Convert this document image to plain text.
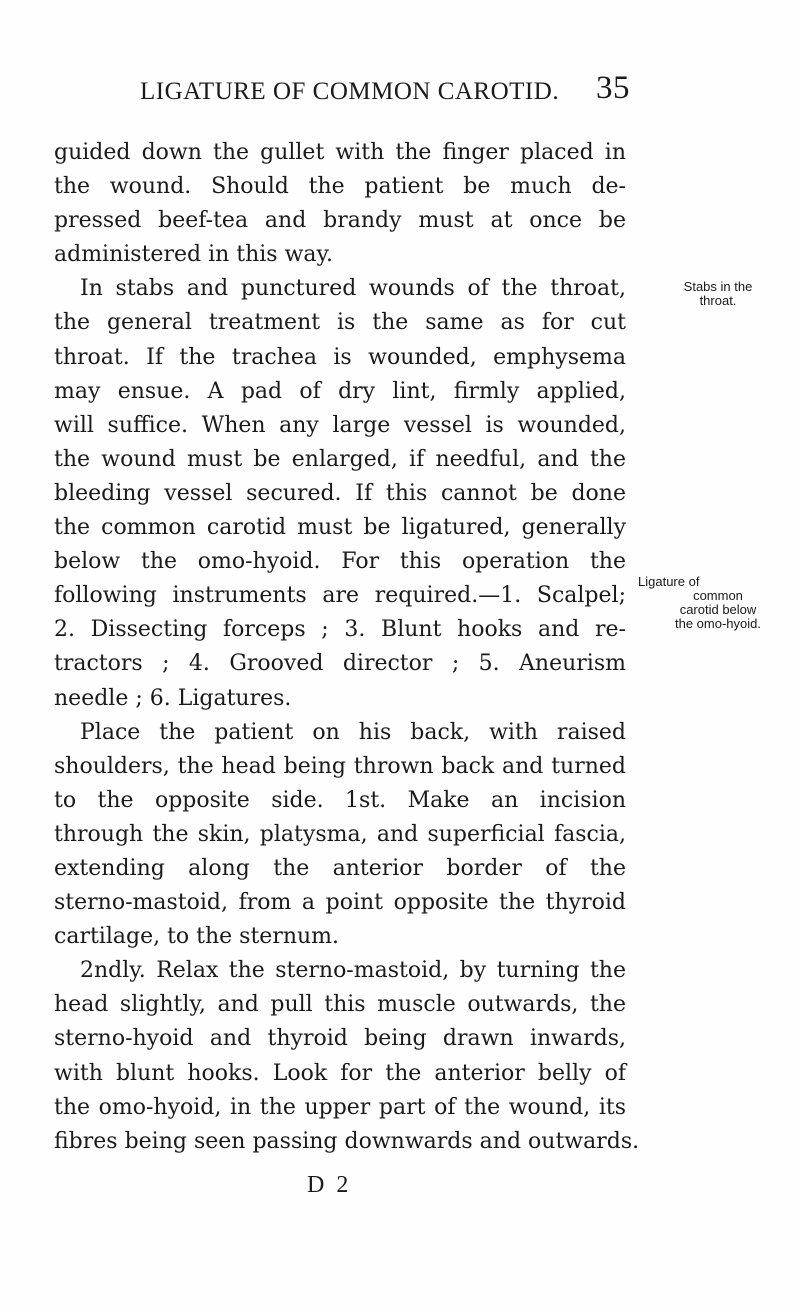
LIGATURE OF COMMON CAROTID. 35
guided down the gullet with the finger placed in
the wound. Should the patient be much de-
pressed beef-tea and brandy must at once be
administered in this way.
In stabs and punctured wounds of the throat,
the general treatment is the same as for cut
throat. If the trachea is wounded, emphysema
may ensue. A pad of dry lint, firmly applied,
will suffice. When any large vessel is wounded,
the wound must be enlarged, if needful, and the
bleeding vessel secured. If this cannot be done
the common carotid must be ligatured, generally
below the omo-hyoid. For this operation the
following instruments are required.—1. Scalpel;
2. Dissecting forceps ; 3. Blunt hooks and re-
tractors ; 4. Grooved director ; 5. Aneurism
needle ; 6. Ligatures.
Place the patient on his back, with raised
shoulders, the head being thrown back and turned
to the opposite side. 1st. Make an incision
through the skin, platysma, and superficial fascia,
extending along the anterior border of the
sterno-mastoid, from a point opposite the thyroid
cartilage, to the sternum.
2ndly. Relax the sterno-mastoid, by turning the
head slightly, and pull this muscle outwards, the
sterno-hyoid and thyroid being drawn inwards,
with blunt hooks. Look for the anterior belly of
the omo-hyoid, in the upper part of the wound, its
fibres being seen passing downwards and outwards.
Stabs in the
throat.
Ligature of
common
carotid below
the omo-hyoid.
D 2
